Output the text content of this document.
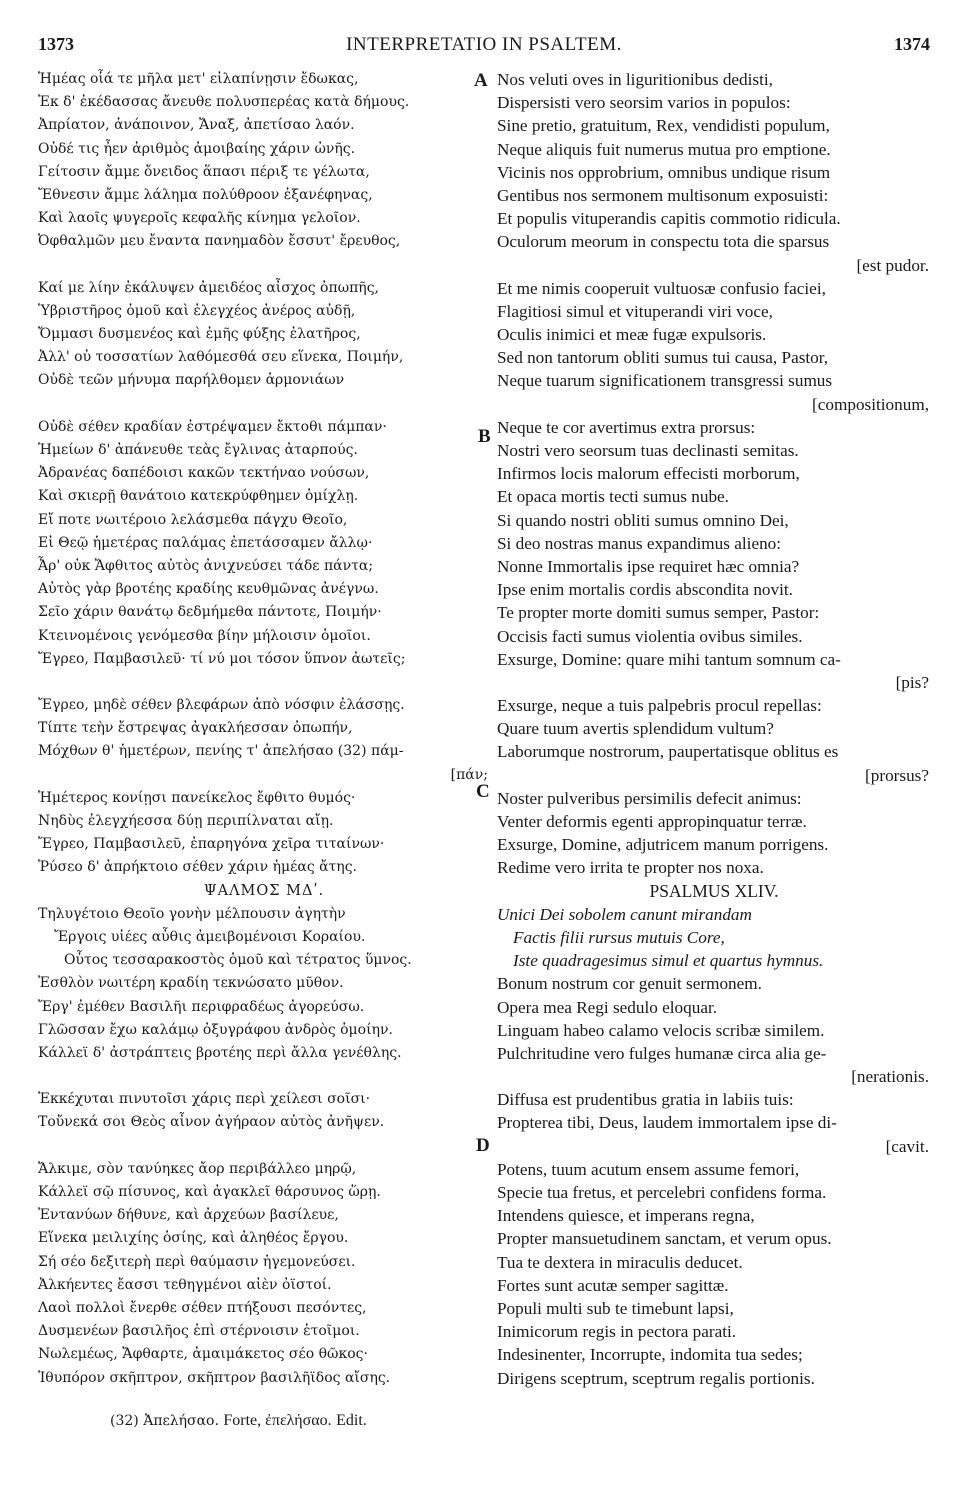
1373	INTERPRETATIO IN PSALTEM.	1374
A
B
C
D
Ἡμέας οἷά τε μῆλα μετ' εἰλαπίνῃσιν ἔδωκας,
Ἐκ δ' ἐκέδασσας ἄνευθε πολυσπερέας κατὰ δήμους.
Ἀπρίατον, ἀνάποινον, Ἄναξ, ἀπετίσαο λαόν.
Οὐδέ τις ἦεν ἀριθμὸς ἀμοιβαίης χάριν ὠνῆς.
Γείτοσιν ἄμμε ὄνειδος ἅπασι πέριξ τε γέλωτα,
Ἔθνεσιν ἄμμε λάλημα πολύθροον ἐξανέφηνας,
Καὶ λαοῖς ψυγεροῖς κεφαλῆς κίνημα γελοῖον.
Ὀφθαλμῶν μευ ἔναντα πανημαδὸν ἔσσυτ' ἔρευθος,
Καί με λίην ἐκάλυψεν ἀμειδέος αἶσχος ὀπωπῆς,
Ὑβριστῆρος ὁμοῦ καὶ ἐλεγχέος ἀνέρος αὐδῇ,
Ὄμμασι δυσμενέος καὶ ἐμῆς φύξης ἐλατῆρος,
Ἀλλ' οὐ τοσσατίων λαθόμεσθά σευ εἵνεκα, Ποιμήν,
Οὐδὲ τεῶν μήνυμα παρήλθομεν ἁρμονιάων
Οὐδὲ σέθεν κραδίαν ἐστρέψαμεν ἔκτοθι πάμπαν·
Ἡμείων δ' ἀπάνευθε τεὰς ἔγλινας ἀταρπούς.
Ἀδρανέας δαπέδοισι κακῶν τεκτήναο νούσων,
Καὶ σκιερῇ θανάτοιο κατεκρύφθημεν ὁμίχλῃ.
Εἴ ποτε νωιτέροιο λελάσμεθα πάγχυ Θεοῖο,
Εἰ Θεῷ ἡμετέρας παλάμας ἐπετάσσαμεν ἄλλῳ·
Ἆρ' οὐκ Ἄφθιτος αὐτὸς ἀνιχνεύσει τάδε πάντα;
Αὐτὸς γὰρ βροτέης κραδίης κευθμῶνας ἀνέγνω.
Σεῖο χάριν θανάτῳ δεδμήμεθα πάντοτε, Ποιμήν·
Κτεινομένοις γενόμεσθα βίην μήλοισιν ὁμοῖοι.
Ἔγρεο, Παμβασιλεῦ· τί νύ μοι τόσον ὕπνον ἀωτεῖς;
Ἔγρεο, μηδὲ σέθεν βλεφάρων ἀπὸ νόσφιν ἐλάσσῃς.
Τίπτε τεὴν ἔστρεψας ἀγακλήεσσαν ὀπωπήν,
Μόχθων θ' ἡμετέρων, πενίης τ' ἀπελήσαο (32) πάμ-
[πάν;
Ἡμέτερος κονίῃσι πανείκελος ἔφθιτο θυμός·
Νηδὺς ἐλεγχήεσσα δύῃ περιπίλναται αἴῃ.
Ἔγρεο, Παμβασιλεῦ, ἐπαρηγόνα χεῖρα τιταίνων·
Ῥύσεο δ' ἀπρήκτοιο σέθεν χάριν ἡμέας ἄτης.
ΨΑΛΜΟΣ ΜΔʹ.
Τηλυγέτοιο Θεοῖο γονὴν μέλπουσιν ἀγητὴν
Ἔργοις υἱέες αὖθις ἀμειβομένοισι Κοραίου.
Οὗτος τεσσαρακοστὸς ὁμοῦ καὶ τέτρατος ὕμνος.
Ἐσθλὸν νωιτέρη κραδίη τεκνώσατο μῦθον.
Ἔργ' ἐμέθεν Βασιλῆι περιφραδέως ἀγορεύσω.
Γλῶσσαν ἔχω καλάμῳ ὀξυγράφου ἀνδρὸς ὁμοίην.
Κάλλεϊ δ' ἀστράπτεις βροτέης περὶ ἄλλα γενέθλης.
Ἐκκέχυται πινυτοῖσι χάρις περὶ χείλεσι σοῖσι·
Τοὔνεκά σοι Θεὸς αἶνον ἀγήραον αὐτὸς ἀνῆψεν.
Ἄλκιμε, σὸν τανύηκες ἄορ περιβάλλεο μηρῷ,
Κάλλεϊ σῷ πίσυνος, καὶ ἀγακλεῖ θάρσυνος ὥρῃ.
Ἐντανύων δήθυνε, καὶ ἀρχεύων βασίλευε,
Εἵνεκα μειλιχίης ὁσίης, καὶ ἀληθέος ἔργου.
Σή σέο δεξιτερὴ περὶ θαύμασιν ἡγεμονεύσει.
Ἀλκήεντες ἔασσι τεθηγμένοι αἰὲν ὀϊστοί.
Λαοὶ πολλοὶ ἔνερθε σέθεν πτήξουσι πεσόντες,
Δυσμενέων βασιλῆος ἐπὶ στέρνοισιν ἑτοῖμοι.
Νωλεμέως, Ἄφθαρτε, ἀμαιμάκετος σέο θῶκος·
Ἰθυπόρον σκῆπτρον, σκῆπτρον βασιλῆϊδος αἴσης.
Nos veluti oves in liguritionibus dedisti,
Dispersisti vero seorsim varios in populos:
Sine pretio, gratuitum, Rex, vendidisti populum,
Neque aliquis fuit numerus mutua pro emptione.
Vicinis nos opprobrium, omnibus undique risum
Gentibus nos sermonem multisonum exposuisti:
Et populis vituperandis capitis commotio ridicula.
Oculorum meorum in conspectu tota die sparsus
[est pudor.
Et me nimis cooperuit vultuosæ confusio faciei,
Flagitiosi simul et vituperandi viri voce,
Oculis inimici et meæ fugæ expulsoris.
Sed non tantorum obliti sumus tui causa, Pastor,
Neque tuarum significationem transgressi sumus
[compositionum,
Neque te cor avertimus extra prorsus:
Nostri vero seorsum tuas declinasti semitas.
Infirmos locis malorum effecisti morborum,
Et opaca mortis tecti sumus nube.
Si quando nostri obliti sumus omnino Dei,
Si deo nostras manus expandimus alieno:
Nonne Immortalis ipse requiret hæc omnia?
Ipse enim mortalis cordis abscondita novit.
Te propter morte domiti sumus semper, Pastor:
Occisis facti sumus violentia ovibus similes.
Exsurge, Domine: quare mihi tantum somnum ca-
[pis?
Exsurge, neque a tuis palpebris procul repellas:
Quare tuum avertis splendidum vultum?
Laborumque nostrorum, paupertatisque oblitus es
[prorsus?
Noster pulveribus persimilis defecit animus:
Venter deformis egenti appropinquatur terræ.
Exsurge, Domine, adjutricem manum porrigens.
Redime vero irrita te propter nos noxa.
PSALMUS XLIV.
Unici Dei sobolem canunt mirandam
Factis filii rursus mutuis Core,
Iste quadragesimus simul et quartus hymnus.
Bonum nostrum cor genuit sermonem.
Opera mea Regi sedulo eloquar.
Linguam habeo calamo velocis scribæ similem.
Pulchritudine vero fulges humanæ circa alia ge-
[nerationis.
Diffusa est prudentibus gratia in labiis tuis:
Propterea tibi, Deus, laudem immortalem ipse di-
[cavit.
Potens, tuum acutum ensem assume femori,
Specie tua fretus, et percelebri confidens forma.
Intendens quiesce, et imperans regna,
Propter mansuetudinem sanctam, et verum opus.
Tua te dextera in miraculis deducet.
Fortes sunt acutæ semper sagittæ.
Populi multi sub te timebunt lapsi,
Inimicorum regis in pectora parati.
Indesinenter, Incorrupte, indomita tua sedes;
Dirigens sceptrum, sceptrum regalis portionis.
(32) Ἀπελήσαο. Forte, ἐπελήσαο. Edit.
